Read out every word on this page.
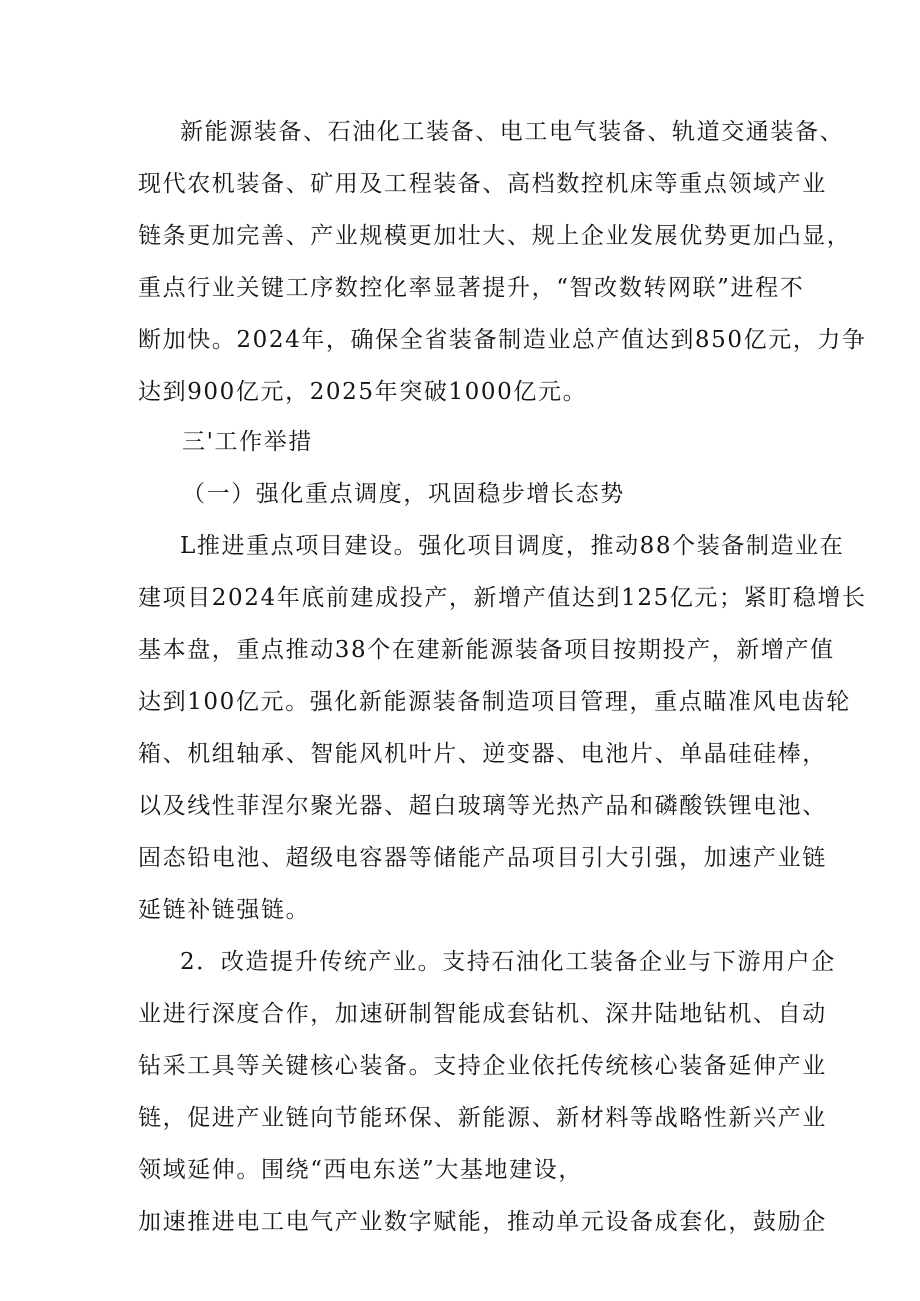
新能源装备、石油化工装备、电工电气装备、轨道交通装备、
现代农机装备、矿用及工程装备、高档数控机床等重点领域产业
链条更加完善、产业规模更加壮大、规上企业发展优势更加凸显，
重点行业关键工序数控化率显著提升，“智改数转网联”进程不
断加快。2024年，确保全省装备制造业总产值达到850亿元，力争
达到900亿元，2025年突破1000亿元。
三'工作举措
（一）强化重点调度，巩固稳步增长态势
L推进重点项目建设。强化项目调度，推动88个装备制造业在
建项目2024年底前建成投产，新增产值达到125亿元；紧盯稳增长
基本盘，重点推动38个在建新能源装备项目按期投产，新增产值
达到100亿元。强化新能源装备制造项目管理，重点瞄准风电齿轮
箱、机组轴承、智能风机叶片、逆变器、电池片、单晶硅硅棒，
以及线性菲涅尔聚光器、超白玻璃等光热产品和磷酸铁锂电池、
固态铅电池、超级电容器等储能产品项目引大引强，加速产业链
延链补链强链。
2．改造提升传统产业。支持石油化工装备企业与下游用户企
业进行深度合作，加速研制智能成套钻机、深井陆地钻机、自动
钻采工具等关键核心装备。支持企业依托传统核心装备延伸产业
链，促进产业链向节能环保、新能源、新材料等战略性新兴产业
领域延伸。围绕“西电东送”大基地建设，
加速推进电工电气产业数字赋能，推动单元设备成套化，鼓励企
